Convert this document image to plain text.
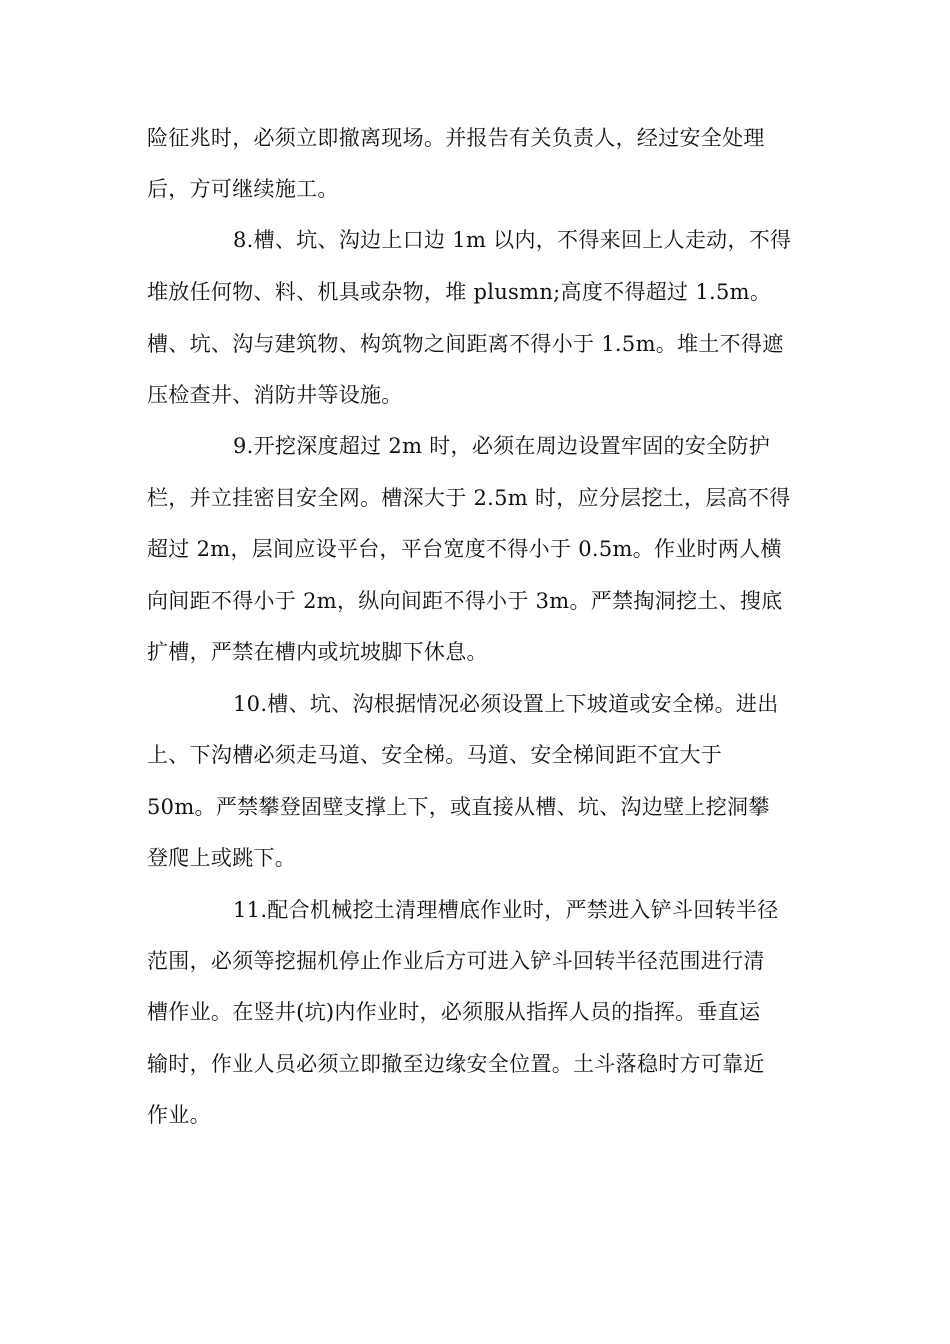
险征兆时，必须立即撤离现场。并报告有关负责人，经过安全处理
后，方可继续施工。
8.槽、坑、沟边上口边 1m 以内，不得来回上人走动，不得
堆放任何物、料、机具或杂物，堆 plusmn;高度不得超过 1.5m。
槽、坑、沟与建筑物、构筑物之间距离不得小于 1.5m。堆土不得遮
压检查井、消防井等设施。
9.开挖深度超过 2m 时，必须在周边设置牢固的安全防护
栏，并立挂密目安全网。槽深大于 2.5m 时，应分层挖土，层高不得
超过 2m，层间应设平台，平台宽度不得小于 0.5m。作业时两人横
向间距不得小于 2m，纵向间距不得小于 3m。严禁掏洞挖土、搜底
扩槽，严禁在槽内或坑坡脚下休息。
10.槽、坑、沟根据情况必须设置上下坡道或安全梯。进出
上、下沟槽必须走马道、安全梯。马道、安全梯间距不宜大于
50m。严禁攀登固壁支撑上下，或直接从槽、坑、沟边壁上挖洞攀
登爬上或跳下。
11.配合机械挖土清理槽底作业时，严禁进入铲斗回转半径
范围，必须等挖掘机停止作业后方可进入铲斗回转半径范围进行清
槽作业。在竖井(坑)内作业时，必须服从指挥人员的指挥。垂直运
输时，作业人员必须立即撤至边缘安全位置。土斗落稳时方可靠近
作业。
